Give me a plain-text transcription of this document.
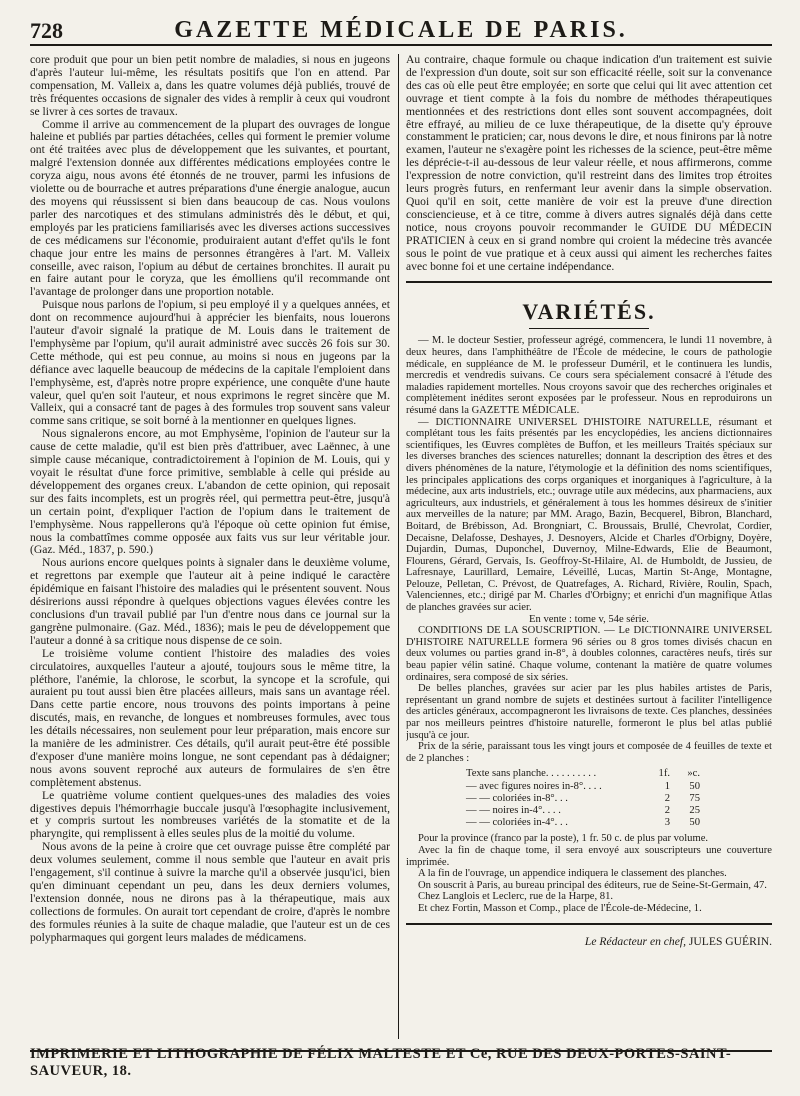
728	GAZETTE MÉDICALE DE PARIS.

core produit que pour un bien petit nombre de maladies, si nous en jugeons d'après l'auteur lui-même, les résultats positifs que l'on en attend. Par compensation, M. Valleix a, dans les quatre volumes déjà publiés, trouvé de très fréquentes occasions de signaler des vides à remplir à ceux qui voudront se livrer à ces sortes de travaux.

Comme il arrive au commencement de la plupart des ouvrages de longue haleine et publiés par parties détachées, celles qui forment le premier volume ont été traitées avec plus de développement que les suivantes, et pourtant, malgré l'extension donnée aux différentes médications employées contre le coryza aigu, nous avons été étonnés de ne trouver, parmi les infusions de violette ou de bourrache et autres préparations d'une énergie analogue, aucun des moyens qui réussissent si bien dans beaucoup de cas. Nous voulons parler des narcotiques et des stimulans administrés dès le début, et qui, employés par les praticiens familiarisés avec les diverses actions successives de ces médicamens sur l'économie, produiraient autant d'effet qu'ils le font chaque jour entre les mains de personnes étrangères à l'art. M. Valleix conseille, avec raison, l'opium au début de certaines bronchites. Il aurait pu en faire autant pour le coryza, que les émolliens qu'il recommande ont l'avantage de prolonger dans une proportion notable.

Puisque nous parlons de l'opium, si peu employé il y a quelques années, et dont on recommence aujourd'hui à apprécier les bienfaits, nous louerons l'auteur d'avoir signalé la pratique de M. Louis dans le traitement de l'emphysème par l'opium, qu'il aurait administré avec succès 26 fois sur 30. Cette méthode, qui est peu connue, au moins si nous en jugeons par la défiance avec laquelle beaucoup de médecins de la capitale l'emploient dans l'emphysème, est, d'après notre propre expérience, une conquête d'une haute valeur, quel qu'en soit l'auteur, et nous exprimons le regret sincère que M. Valleix, qui a consacré tant de pages à des formules trop souvent sans valeur comme sans critique, se soit borné à la mentionner en quelques lignes.

Nous signalerons encore, au mot Emphysème, l'opinion de l'auteur sur la cause de cette maladie, qu'il est bien près d'attribuer, avec Laënnec, à une simple cause mécanique, contradictoirement à l'opinion de M. Louis, qui y voyait le résultat d'une force primitive, semblable à celle qui préside au développement des organes creux. L'abandon de cette opinion, qui reposait sur des faits incomplets, est un progrès réel, qui permettra peut-être, jusqu'à un certain point, d'expliquer l'action de l'opium dans le traitement de l'emphysème. Nous rappellerons qu'à l'époque où cette opinion fut émise, nous la combattîmes comme opposée aux faits vus sur leur véritable jour. (Gaz. Méd., 1837, p. 590.)

Nous aurions encore quelques points à signaler dans le deuxième volume, et regrettons par exemple que l'auteur ait à peine indiqué le caractère épidémique en faisant l'histoire des maladies qui le présentent souvent. Nous désirerions aussi répondre à quelques objections vagues élevées contre les conclusions d'un travail publié par l'un d'entre nous dans ce journal sur la gangrène pulmonaire. (Gaz. Méd., 1836); mais le peu de développement que l'auteur a donné à sa critique nous dispense de ce soin.

Le troisième volume contient l'histoire des maladies des voies circulatoires, auxquelles l'auteur a ajouté, toujours sous le même titre, la pléthore, l'anémie, la chlorose, le scorbut, la syncope et la scrofule, qui auraient pu tout aussi bien être placées ailleurs, mais sans un avantage réel. Dans cette partie encore, nous trouvons des points importans à peine discutés, mais, en revanche, de longues et nombreuses formules, avec tous les détails nécessaires, non seulement pour leur préparation, mais encore sur la manière de les administrer. Ces détails, qu'il aurait peut-être été possible d'exposer d'une manière moins longue, ne sont cependant pas à dédaigner; nous avons souvent reproché aux auteurs de formulaires de s'en être complètement abstenus.

Le quatrième volume contient quelques-unes des maladies des voies digestives depuis l'hémorrhagie buccale jusqu'à l'œsophagite inclusivement, et y compris surtout les nombreuses variétés de la stomatite et de la pharyngite, qui remplissent à elles seules plus de la moitié du volume.

Nous avons de la peine à croire que cet ouvrage puisse être complété par deux volumes seulement, comme il nous semble que l'auteur en avait pris l'engagement, s'il continue à suivre la marche qu'il a observée jusqu'ici, bien qu'en diminuant cependant un peu, dans les deux derniers volumes, l'extension donnée, nous ne dirons pas à la thérapeutique, mais aux collections de formules. On aurait tort cependant de croire, d'après le nombre des formules réunies à la suite de chaque maladie, que l'auteur est un de ces polypharmaques qui gorgent leurs malades de médicamens.

Au contraire, chaque formule ou chaque indication d'un traitement est suivie de l'expression d'un doute, soit sur son efficacité réelle, soit sur la convenance des cas où elle peut être employée; en sorte que celui qui lit avec attention cet ouvrage et tient compte à la fois du nombre de méthodes thérapeutiques mentionnées et des restrictions dont elles sont souvent accompagnées, doit être effrayé, au milieu de ce luxe thérapeutique, de la disette qu'y éprouve constamment le praticien; car, nous devons le dire, et nous finirons par là notre examen, l'auteur ne s'exagère point les richesses de la science, peut-être même les déprécie-t-il au-dessous de leur valeur réelle, et nous affirmerons, comme l'expression de notre conviction, qu'il restreint dans des limites trop étroites leurs progrès futurs, en renfermant leur avenir dans la simple observation. Quoi qu'il en soit, cette manière de voir est la preuve d'une direction consciencieuse, et à ce titre, comme à divers autres signalés déjà dans cette notice, nous croyons pouvoir recommander le GUIDE DU MÉDECIN PRATICIEN à ceux en si grand nombre qui croient la médecine très avancée sous le point de vue pratique et à ceux aussi qui aiment les recherches faites avec bonne foi et une certaine indépendance.

VARIÉTÉS.

— M. le docteur Sestier, professeur agrégé, commencera, le lundi 11 novembre, à deux heures, dans l'amphithéâtre de l'École de médecine, le cours de pathologie médicale, en suppléance de M. le professeur Duméril, et le continuera les lundis, mercredis et vendredis suivans. Ce cours sera spécialement consacré à l'étude des maladies rapidement mortelles. Nous croyons savoir que des recherches originales et complètement inédites seront exposées par le professeur. Nous en reproduirons un résumé dans la GAZETTE MÉDICALE.

— DICTIONNAIRE UNIVERSEL D'HISTOIRE NATURELLE, résumant et complétant tous les faits présentés par les encyclopédies, les anciens dictionnaires scientifiques, les Œuvres complètes de Buffon, et les meilleurs Traités spéciaux sur les diverses branches des sciences naturelles; donnant la description des êtres et des divers phénomènes de la nature, l'étymologie et la définition des noms scientifiques, les principales applications des corps organiques et inorganiques à l'agriculture, à la médecine, aux arts industriels, etc.; ouvrage utile aux médecins, aux pharmaciens, aux agriculteurs, aux industriels, et généralement à tous les hommes désireux de s'initier aux merveilles de la nature; par MM. Arago, Bazin, Becquerel, Bibron, Blanchard, Boitard, de Brébisson, Ad. Brongniart, C. Broussais, Brullé, Chevrolat, Cordier, Decaisne, Delafosse, Deshayes, J. Desnoyers, Alcide et Charles d'Orbigny, Doyère, Dujardin, Dumas, Duponchel, Duvernoy, Milne-Edwards, Elie de Beaumont, Flourens, Gérard, Gervais, Is. Geoffroy-St-Hilaire, Al. de Humboldt, de Jussieu, de Lafresnaye, Laurillard, Lemaire, Léveillé, Lucas, Martin St-Ange, Montagne, Pelouze, Pelletan, C. Prévost, de Quatrefages, A. Richard, Rivière, Roulin, Spach, Valenciennes, etc.; dirigé par M. Charles d'Orbigny; et enrichi d'un magnifique Atlas de planches gravées sur acier.

En vente : tome v, 54e série.

CONDITIONS DE LA SOUSCRIPTION. — Le DICTIONNAIRE UNIVERSEL D'HISTOIRE NATURELLE formera 96 séries ou 8 gros tomes divisés chacun en deux volumes ou parties grand in-8°, à doubles colonnes, caractères neufs, tirés sur beau papier vélin satiné. Chaque volume, contenant la matière de quatre volumes ordinaires, sera composé de six séries.

De belles planches, gravées sur acier par les plus habiles artistes de Paris, représentant un grand nombre de sujets et destinées surtout à faciliter l'intelligence des articles généraux, accompagneront les livraisons de texte. Ces planches, dessinées par nos meilleurs peintres d'histoire naturelle, formeront le plus bel atlas publié jusqu'à ce jour.

Prix de la série, paraissant tous les vingt jours et composée de 4 feuilles de texte et de 2 planches :

Texte sans planche. . . . . . . . . .	1f.	»c.
— avec figures noires in-8°. . . .	1	50
— — coloriées in-8°. . .	2	75
— — noires in-4°. . . .	2	25
— — coloriées in-4°. . .	3	50

Pour la province (franco par la poste), 1 fr. 50 c. de plus par volume.

Avec la fin de chaque tome, il sera envoyé aux souscripteurs une couverture imprimée.

A la fin de l'ouvrage, un appendice indiquera le classement des planches.

On souscrit à Paris, au bureau principal des éditeurs, rue de Seine-St-Germain, 47.

Chez Langlois et Leclerc, rue de la Harpe, 81.

Et chez Fortin, Masson et Comp., place de l'École-de-Médecine, 1.

Le Rédacteur en chef, JULES GUÉRIN.
IMPRIMERIE ET LITHOGRAPHIE DE FÉLIX MALTESTE ET Ce, RUE DES DEUX-PORTES-SAINT-SAUVEUR, 18.
